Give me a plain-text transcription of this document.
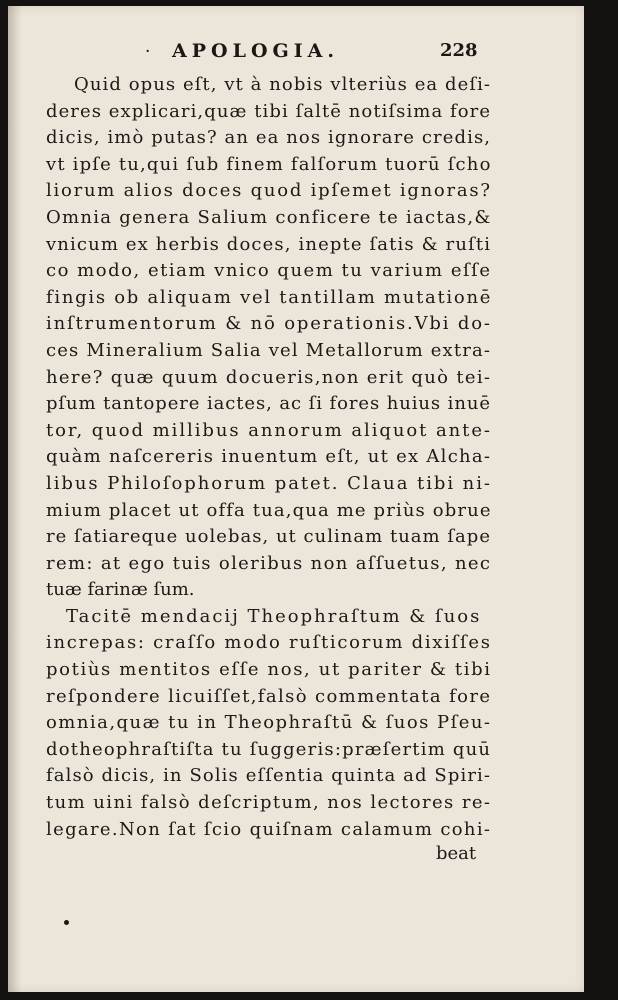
· APOLOGIA.	228
Quid opus eſt, vt à nobis vlteriùs ea deſi-
deres explicari,quæ tibi ſaltē notiſsima fore
dicis, imò putas? an ea nos ignorare credis,
vt ipſe tu,qui ſub finem falſorum tuorū ſcho
liorum alios doces quod ipſemet ignoras?
Omnia genera Salium conficere te iactas,&
vnicum ex herbis doces, inepte ſatis & ruſti
co modo, etiam vnico quem tu varium eſſe
fingis ob aliquam vel tantillam mutationē
inſtrumentorum & nō operationis.Vbi do-
ces Mineralium Salia vel Metallorum extra-
here? quæ quum docueris,non erit quò tei-
pſum tantopere iactes, ac ſi fores huius inuē
tor, quod millibus annorum aliquot ante-
quàm naſcereris inuentum eſt, ut ex Alcha-
libus Philoſophorum patet. Claua tibi ni-
mium placet ut offa tua,qua me priùs obrue
re ſatiareque uolebas, ut culinam tuam ſape
rem: at ego tuis oleribus non aſſuetus, nec
tuæ farinæ ſum.
Tacitē mendacij Theophraſtum & ſuos
increpas: craſſo modo ruſticorum dixiſſes
potiùs mentitos eſſe nos, ut pariter & tibi
reſpondere licuiſſet,falsò commentata fore
omnia,quæ tu in Theophraſtū & ſuos Pſeu-
dotheophraſtiſta tu ſuggeris:præſertim quū
falsò dicis, in Solis eſſentia quinta ad Spiri-
tum uini falsò deſcriptum, nos lectores re-
legare.Non ſat ſcio quiſnam calamum cohi-
beat
